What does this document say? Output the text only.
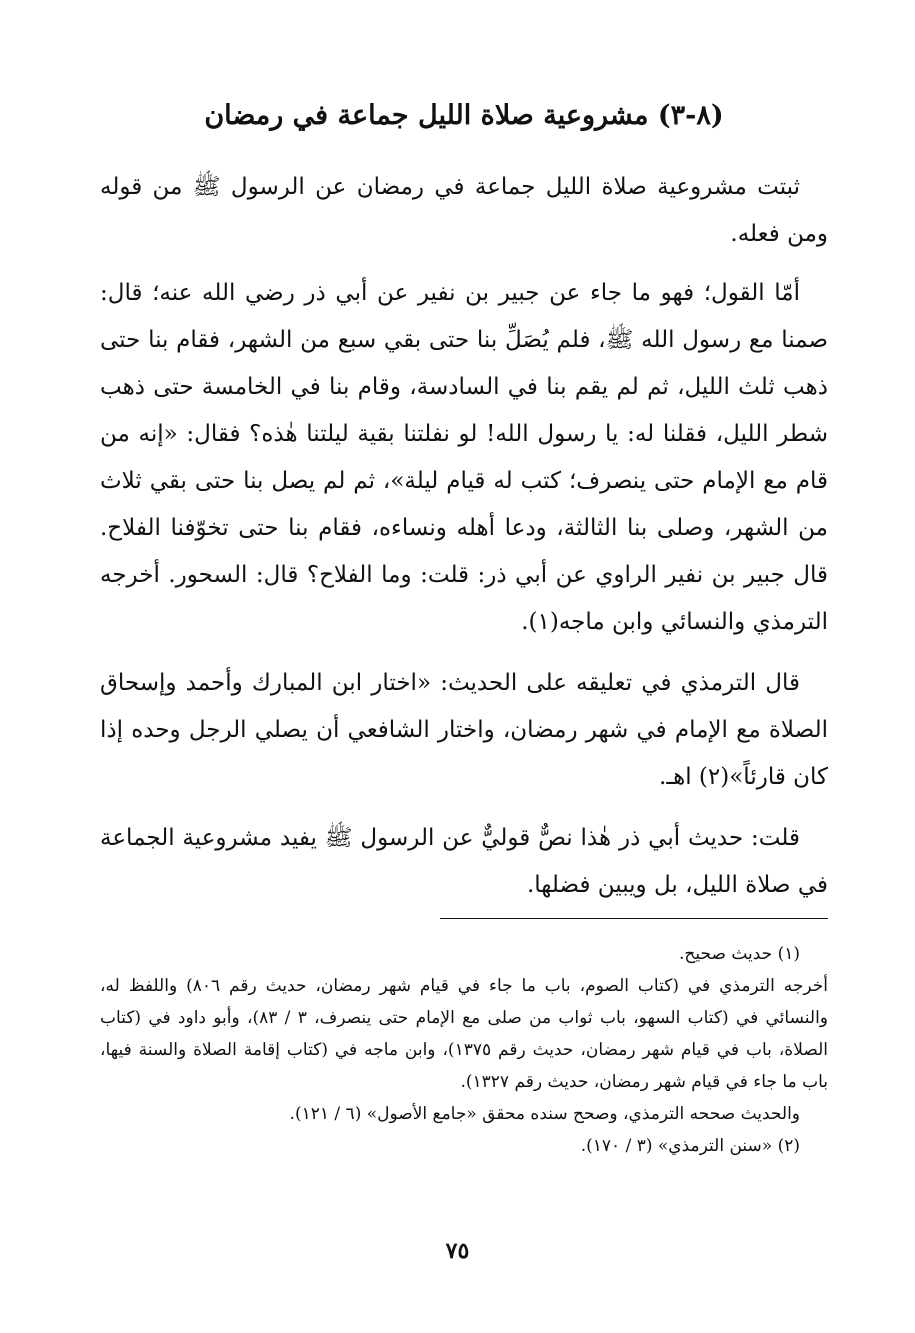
(٨-٣) مشروعية صلاة الليل جماعة في رمضان

ثبتت مشروعية صلاة الليل جماعة في رمضان عن الرسول ﷺ من قوله ومن فعله.

أمّا القول؛ فهو ما جاء عن جبير بن نفير عن أبي ذر رضي الله عنه؛ قال: صمنا مع رسول الله ﷺ، فلم يُصَلِّ بنا حتى بقي سبع من الشهر، فقام بنا حتى ذهب ثلث الليل، ثم لم يقم بنا في السادسة، وقام بنا في الخامسة حتى ذهب شطر الليل، فقلنا له: يا رسول الله! لو نفلتنا بقية ليلتنا هٰذه؟ فقال: «إنه من قام مع الإمام حتى ينصرف؛ كتب له قيام ليلة»، ثم لم يصل بنا حتى بقي ثلاث من الشهر، وصلى بنا الثالثة، ودعا أهله ونساءه، فقام بنا حتى تخوّفنا الفلاح. قال جبير بن نفير الراوي عن أبي ذر: قلت: وما الفلاح؟ قال: السحور. أخرجه الترمذي والنسائي وابن ماجه(١).

قال الترمذي في تعليقه على الحديث: «اختار ابن المبارك وأحمد وإسحاق الصلاة مع الإمام في شهر رمضان، واختار الشافعي أن يصلي الرجل وحده إذا كان قارئاً»(٢) اهـ.

قلت: حديث أبي ذر هٰذا نصٌّ قوليٌّ عن الرسول ﷺ يفيد مشروعية الجماعة في صلاة الليل، بل ويبين فضلها.

(١) حديث صحيح.

أخرجه الترمذي في (كتاب الصوم، باب ما جاء في قيام شهر رمضان، حديث رقم ٨٠٦) واللفظ له، والنسائي في (كتاب السهو، باب ثواب من صلى مع الإمام حتى ينصرف، ٣ / ٨٣)، وأبو داود في (كتاب الصلاة، باب في قيام شهر رمضان، حديث رقم ١٣٧٥)، وابن ماجه في (كتاب إقامة الصلاة والسنة فيها، باب ما جاء في قيام شهر رمضان، حديث رقم ١٣٢٧).

والحديث صححه الترمذي، وصحح سنده محقق «جامع الأصول» (٦ / ١٢١).

(٢) «سنن الترمذي» (٣ / ١٧٠).

٧٥
